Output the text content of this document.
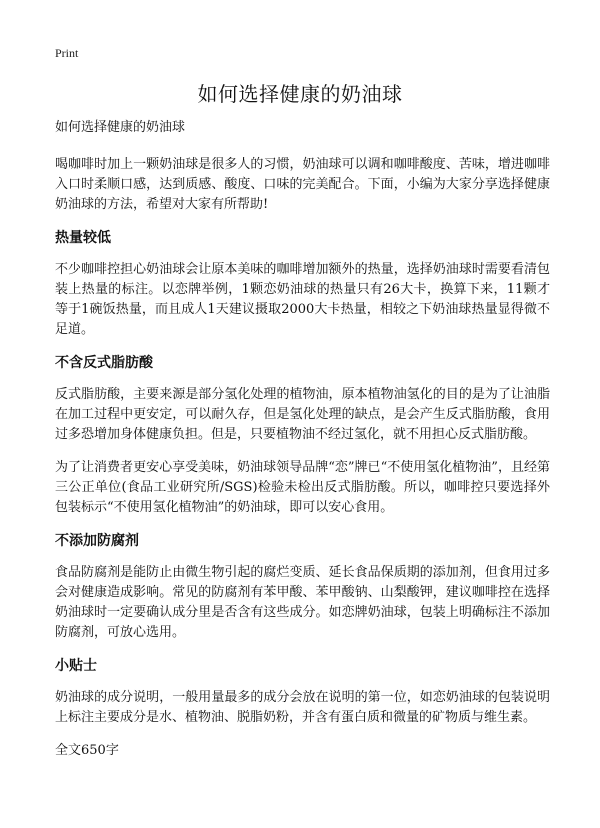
Print
如何选择健康的奶油球

如何选择健康的奶油球

喝咖啡时加上一颗奶油球是很多人的习惯，奶油球可以调和咖啡酸度、苦味，增进咖啡入口时柔顺口感，达到质感、酸度、口味的完美配合。下面，小编为大家分享选择健康奶油球的方法，希望对大家有所帮助!

热量较低

不少咖啡控担心奶油球会让原本美味的咖啡增加额外的热量，选择奶油球时需要看清包装上热量的标注。以恋牌举例，1颗恋奶油球的热量只有26大卡，换算下来，11颗才等于1碗饭热量，而且成人1天建议摄取2000大卡热量，相较之下奶油球热量显得微不足道。

不含反式脂肪酸

反式脂肪酸，主要来源是部分氢化处理的植物油，原本植物油氢化的目的是为了让油脂在加工过程中更安定，可以耐久存，但是氢化处理的缺点，是会产生反式脂肪酸，食用过多恐增加身体健康负担。但是，只要植物油不经过氢化，就不用担心反式脂肪酸。

为了让消费者更安心享受美味，奶油球领导品牌“恋”牌已“不使用氢化植物油”，且经第三公正单位(食品工业研究所/SGS)检验未检出反式脂肪酸。所以，咖啡控只要选择外包装标示“不使用氢化植物油”的奶油球，即可以安心食用。

不添加防腐剂

食品防腐剂是能防止由微生物引起的腐烂变质、延长食品保质期的添加剂，但食用过多会对健康造成影响。常见的防腐剂有苯甲酸、苯甲酸钠、山梨酸钾，建议咖啡控在选择奶油球时一定要确认成分里是否含有这些成分。如恋牌奶油球，包装上明确标注不添加防腐剂，可放心选用。

小贴士

奶油球的成分说明，一般用量最多的成分会放在说明的第一位，如恋奶油球的包装说明上标注主要成分是水、植物油、脱脂奶粉，并含有蛋白质和微量的矿物质与维生素。

全文650字
